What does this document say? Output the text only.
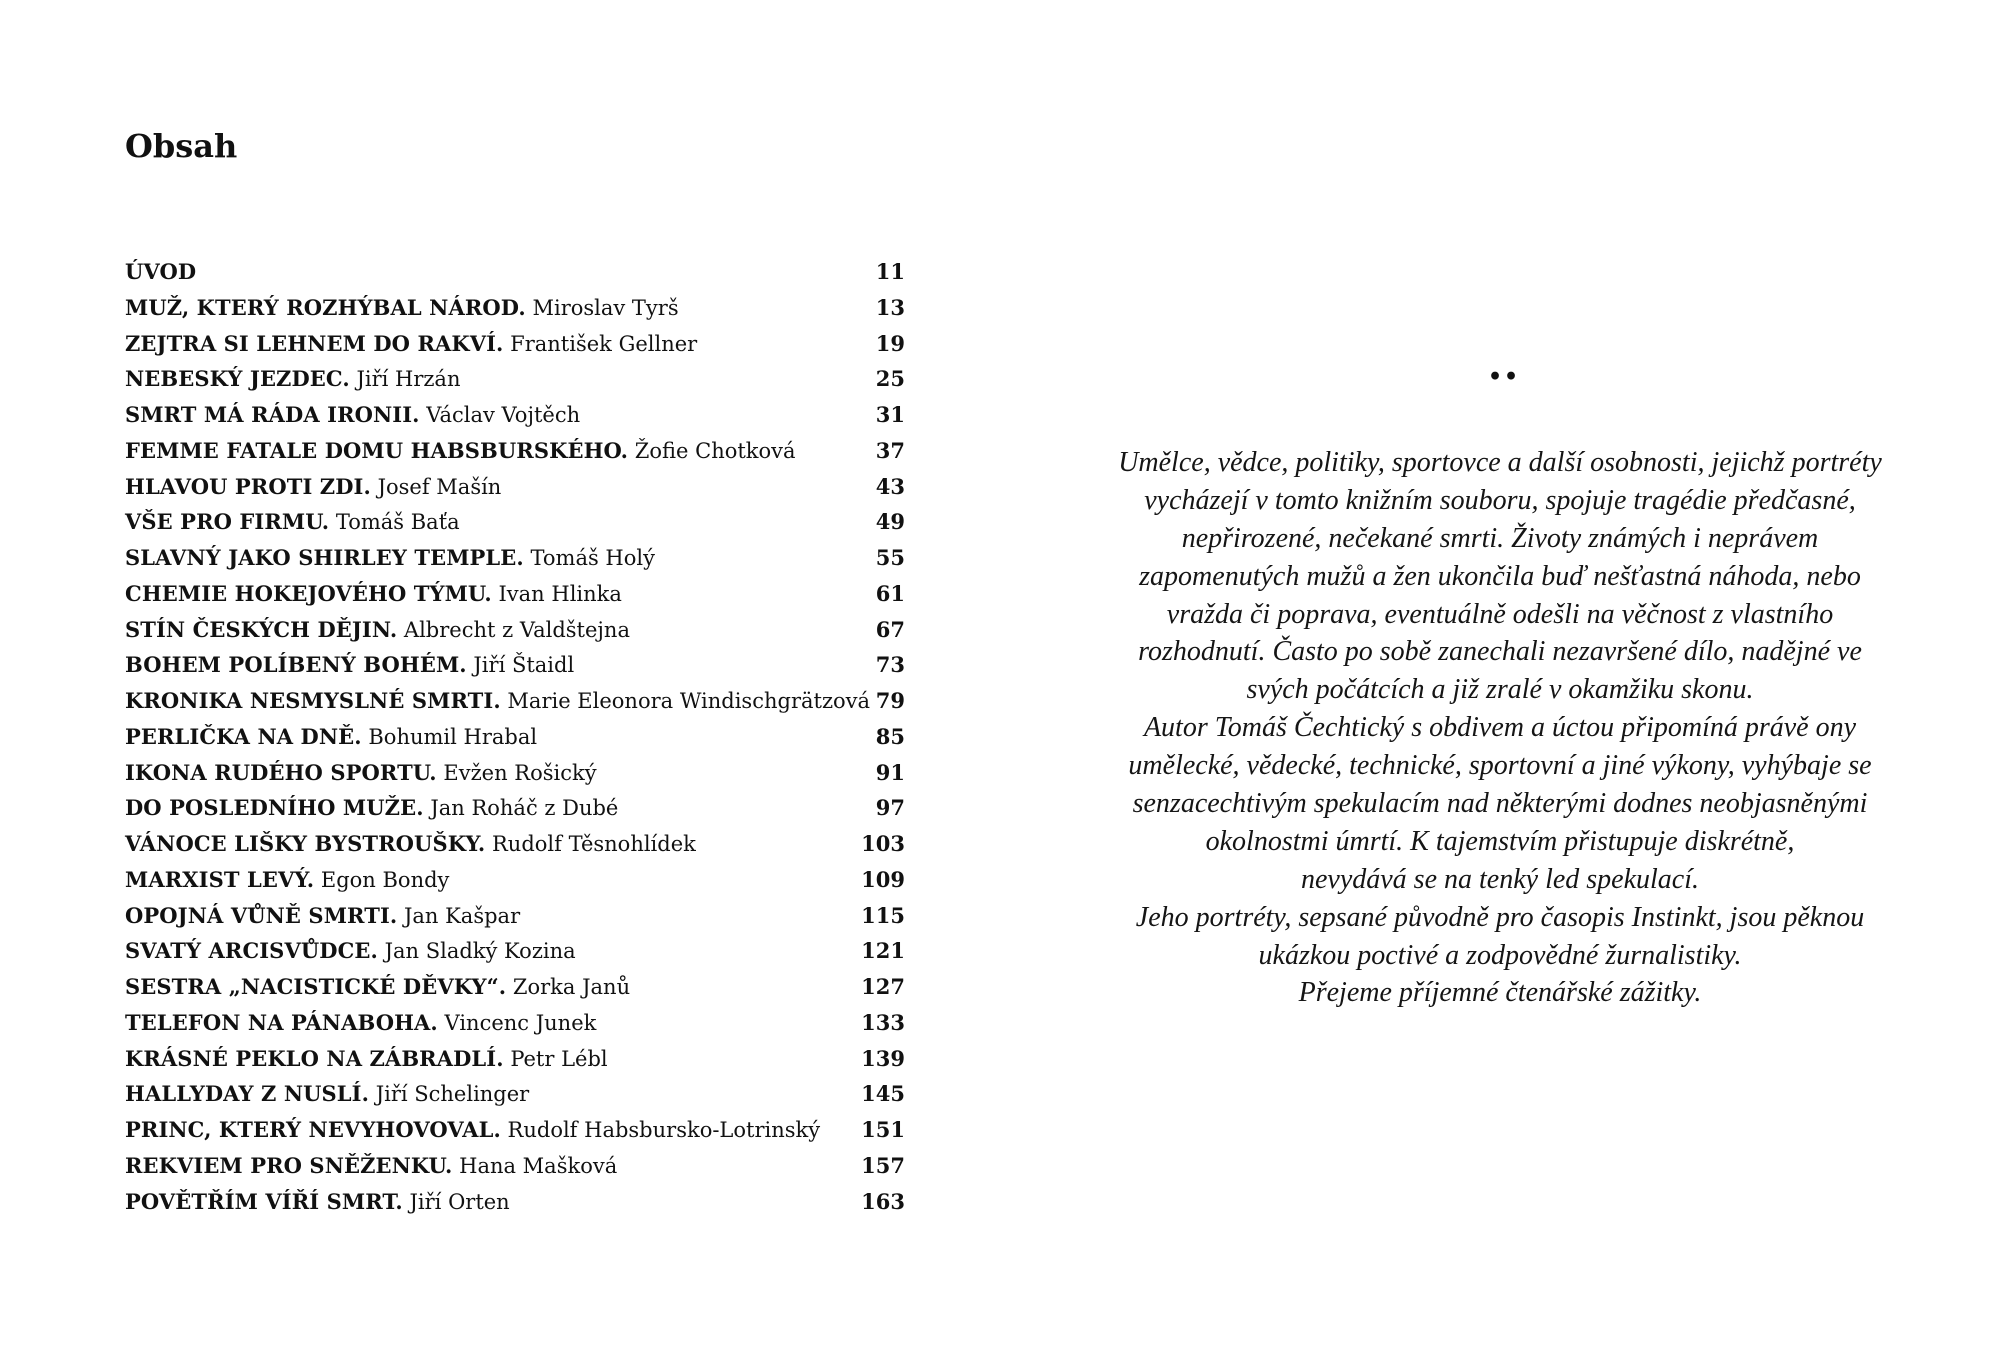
Obsah
ÚVOD	11
MUŽ, KTERÝ ROZHÝBAL NÁROD. Miroslav Tyrš	13
ZEJTRA SI LEHNEM DO RAKVÍ. František Gellner	19
NEBESKÝ JEZDEC. Jiří Hrzán	25
SMRT MÁ RÁDA IRONII. Václav Vojtěch	31
FEMME FATALE DOMU HABSBURSKÉHO. Žofie Chotková	37
HLAVOU PROTI ZDI. Josef Mašín	43
VŠE PRO FIRMU. Tomáš Baťa	49
SLAVNÝ JAKO SHIRLEY TEMPLE. Tomáš Holý	55
CHEMIE HOKEJOVÉHO TÝMU. Ivan Hlinka	61
STÍN ČESKÝCH DĚJIN. Albrecht z Valdštejna	67
BOHEM POLÍBENÝ BOHÉM. Jiří Štaidl	73
KRONIKA NESMYSLNÉ SMRTI. Marie Eleonora Windischgrätzová 79
PERLIČKA NA DNĚ. Bohumil Hrabal	85
IKONA RUDÉHO SPORTU. Evžen Rošický	91
DO POSLEDNÍHO MUŽE. Jan Roháč z Dubé	97
VÁNOCE LIŠKY BYSTROUŠKY. Rudolf Těsnohlídek	103
MARXIST LEVÝ. Egon Bondy	109
OPOJNÁ VŮNĚ SMRTI. Jan Kašpar	115
SVATÝ ARCISVŮDCE. Jan Sladký Kozina	121
SESTRA „NACISTICKÉ DĚVKY“. Zorka Janů	127
TELEFON NA PÁNABOHA. Vincenc Junek	133
KRÁSNÉ PEKLO NA ZÁBRADLÍ. Petr Lébl	139
HALLYDAY Z NUSLÍ. Jiří Schelinger	145
PRINC, KTERÝ NEVYHOVOVAL. Rudolf Habsbursko-Lotrinský 151
REKVIEM PRO SNĚŽENKU. Hana Mašková	157
POVĚTŘÍM VÍŘÍ SMRT. Jiří Orten	163
••
Umělce, vědce, politiky, sportovce a další osobnosti, jejichž portréty
vycházejí v tomto knižním souboru, spojuje tragédie předčasné,
nepřirozené, nečekané smrti. Životy známých i neprávem
zapomenutých mužů a žen ukončila buď nešťastná náhoda, nebo
vražda či poprava, eventuálně odešli na věčnost z vlastního
rozhodnutí. Často po sobě zanechali nezavršené dílo, nadějné ve
svých počátcích a již zralé v okamžiku skonu.
Autor Tomáš Čechtický s obdivem a úctou připomíná právě ony
umělecké, vědecké, technické, sportovní a jiné výkony, vyhýbaje se
senzacechtivým spekulacím nad některými dodnes neobjasněnými
okolnostmi úmrtí. K tajemstvím přistupuje diskrétně,
nevydává se na tenký led spekulací.
Jeho portréty, sepsané původně pro časopis Instinkt, jsou pěknou
ukázkou poctivé a zodpovědné žurnalistiky.
Přejeme příjemné čtenářské zážitky.
